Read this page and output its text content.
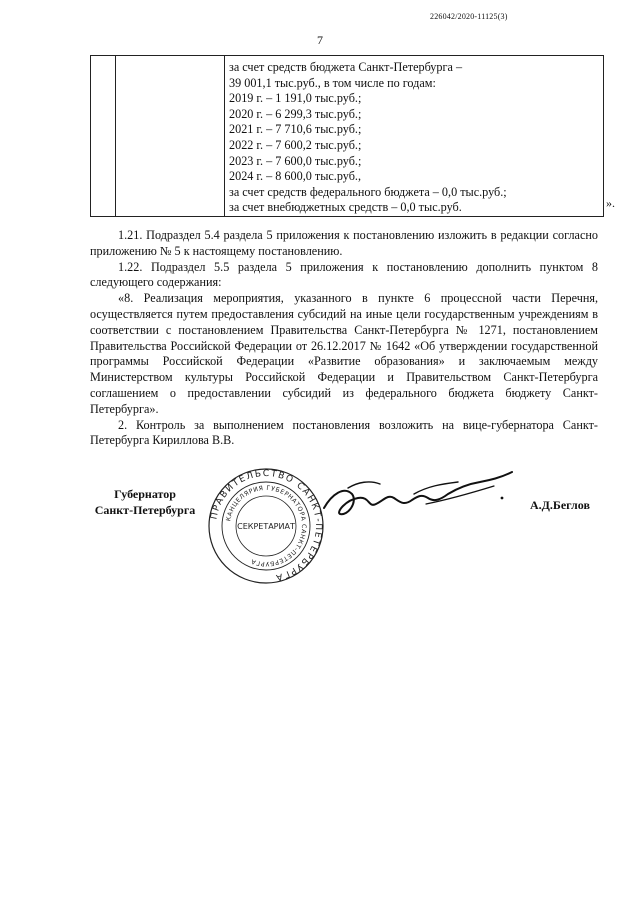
226042/2020-11125(3)
7
за счет средств бюджета Санкт-Петербурга –
39 001,1 тыс.руб., в том числе по годам:
2019 г. – 1 191,0 тыс.руб.;
2020 г. – 6 299,3 тыс.руб.;
2021 г. – 7 710,6 тыс.руб.;
2022 г. – 7 600,2 тыс.руб.;
2023 г. – 7 600,0 тыс.руб.;
2024 г. – 8 600,0 тыс.руб.,
за счет средств федерального бюджета – 0,0 тыс.руб.;
за счет внебюджетных средств – 0,0 тыс.руб.	».

1.21. Подраздел 5.4 раздела 5 приложения к постановлению изложить в редакции согласно приложению № 5 к настоящему постановлению.

1.22. Подраздел 5.5 раздела 5 приложения к постановлению дополнить пунктом 8 следующего содержания:

«8. Реализация мероприятия, указанного в пункте 6 процессной части Перечня, осуществляется путем предоставления субсидий на иные цели государственным учреждениям в соответствии с постановлением Правительства Санкт-Петербурга № 1271, постановлением Правительства Российской Федерации от 26.12.2017 № 1642 «Об утверждении государственной программы Российской Федерации «Развитие образования» и заключаемым между Министерством культуры Российской Федерации и Правительством Санкт-Петербурга соглашением о предоставлении субсидий из федерального бюджета бюджету Санкт-Петербурга».

2. Контроль за выполнением постановления возложить на вице-губернатора Санкт-Петербурга Кириллова В.В.

Губернатор
Санкт-Петербурга	А.Д.Беглов
ПРАВИТЕЛЬСТВО САНКТ-ПЕТЕРБУРГА
КАНЦЕЛЯРИЯ ГУБЕРНАТОРА САНКТ-ПЕТЕРБУРГА
СЕКРЕТАРИАТ
